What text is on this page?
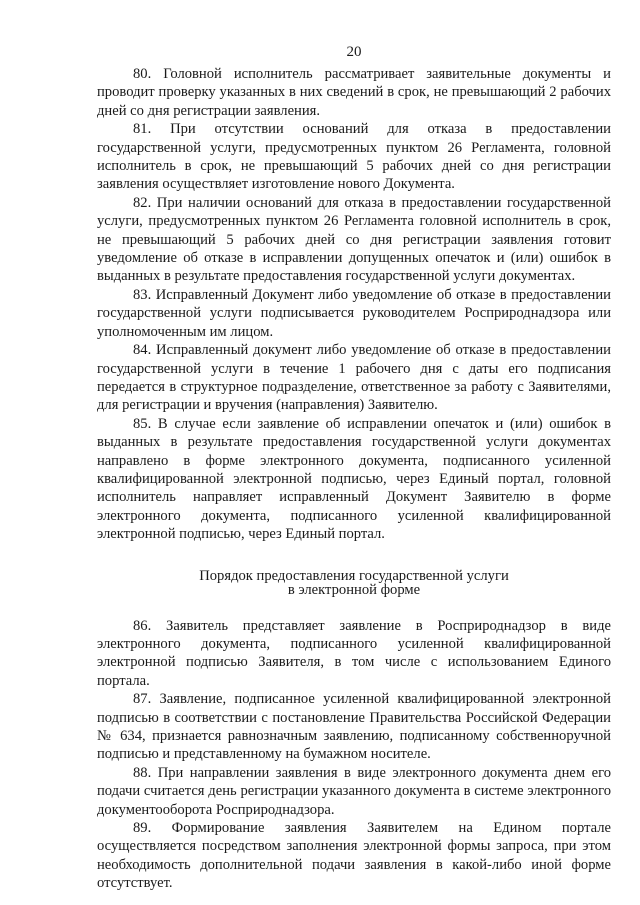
20

80. Головной исполнитель рассматривает заявительные документы и проводит проверку указанных в них сведений в срок, не превышающий 2 рабочих дней со дня регистрации заявления.

81. При отсутствии оснований для отказа в предоставлении государственной услуги, предусмотренных пунктом 26 Регламента, головной исполнитель в срок, не превышающий 5 рабочих дней со дня регистрации заявления осуществляет изготовление нового Документа.

82. При наличии оснований для отказа в предоставлении государственной услуги, предусмотренных пунктом 26 Регламента головной исполнитель в срок, не превышающий 5 рабочих дней со дня регистрации заявления готовит уведомление об отказе в исправлении допущенных опечаток и (или) ошибок в выданных в результате предоставления государственной услуги документах.

83. Исправленный Документ либо уведомление об отказе в предоставлении государственной услуги подписывается руководителем Росприроднадзора или уполномоченным им лицом.

84. Исправленный документ либо уведомление об отказе в предоставлении государственной услуги в течение 1 рабочего дня с даты его подписания передается в структурное подразделение, ответственное за работу с Заявителями, для регистрации и вручения (направления) Заявителю.

85. В случае если заявление об исправлении опечаток и (или) ошибок в выданных в результате предоставления государственной услуги документах направлено в форме электронного документа, подписанного усиленной квалифицированной электронной подписью, через Единый портал, головной исполнитель направляет исправленный Документ Заявителю в форме электронного документа, подписанного усиленной квалифицированной электронной подписью, через Единый портал.

Порядок предоставления государственной услуги
в электронной форме

86. Заявитель представляет заявление в Росприроднадзор в виде электронного документа, подписанного усиленной квалифицированной электронной подписью Заявителя, в том числе с использованием Единого портала.

87. Заявление, подписанное усиленной квалифицированной электронной подписью в соответствии с постановление Правительства Российской Федерации № 634, признается равнозначным заявлению, подписанному собственноручной подписью и представленному на бумажном носителе.

88. При направлении заявления в виде электронного документа днем его подачи считается день регистрации указанного документа в системе электронного документооборота Росприроднадзора.

89. Формирование заявления Заявителем на Едином портале осуществляется посредством заполнения электронной формы запроса, при этом необходимость дополнительной подачи заявления в какой-либо иной форме отсутствует.
